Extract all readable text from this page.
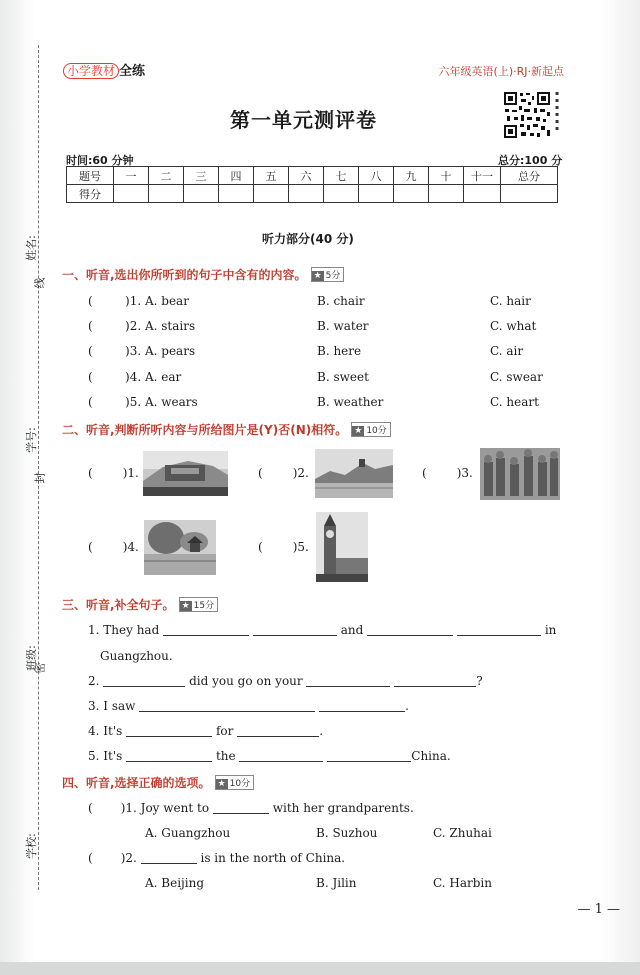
姓名:
线
学号:
封
班级:
密
学校:
小学教材 全练	六年级英语(上)·RJ·新起点
第一单元测评卷
▪
▪
▪
▪
▪
▪
时间:60 分钟	总分:100 分
题号	一	二	三	四	五	六	七	八	九	十	十一	总分
得分												
听力部分(40 分)
一、听音,选出你所听到的句子中含有的内容。 ★ 5分
(	)1. A. bear	B. chair	C. hair
(	)2. A. stairs	B. water	C. what
(	)3. A. pears	B. here	C. air
(	)4. A. ear	B. sweet	C. swear
(	)5. A. wears	B. weather	C. heart
二、听音,判断所听内容与所给图片是(Y)否(N)相符。 ★ 10分
(	)1.	(	)2.	(	)3.
(	)4.	(	)5.
三、听音,补全句子。 ★ 15分
1. They had	and	in
Guangzhou.
2.	did you go on your	?
3. I saw	.
4. It's	for	.
5. It's	the	China.
四、听音,选择正确的选项。 ★ 10分
( )1. Joy went to	with her grandparents.
A. Guangzhou	B. Suzhou	C. Zhuhai
( )2.	is in the north of China.
A. Beijing	B. Jilin	C. Harbin
— 1 —
